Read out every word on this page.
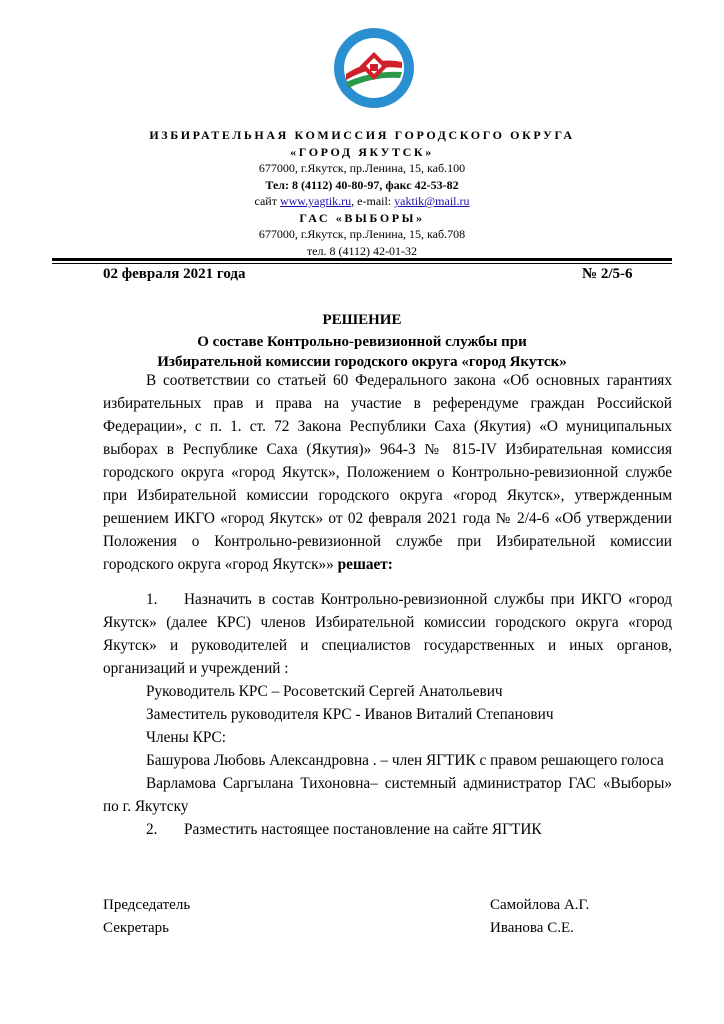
ИЗБИРАТЕЛЬНАЯ КОМИССИЯ ГОРОДСКОГО ОКРУГА
«ГОРОД ЯКУТСК»
677000, г.Якутск, пр.Ленина, 15, каб.100
Тел: 8 (4112) 40-80-97, факс 42-53-82
сайт www.yagtik.ru, e-mail: yaktik@mail.ru
ГАС «ВЫБОРЫ»
677000, г.Якутск, пр.Ленина, 15, каб.708
тел. 8 (4112) 42-01-32
02 февраля 2021 года	№ 2/5-6
РЕШЕНИЕ
О составе Контрольно-ревизионной службы при
Избирательной комиссии городского округа «город Якутск»

В соответствии со статьей 60 Федерального закона «Об основных гарантиях избирательных прав и права на участие в референдуме граждан Российской Федерации», с п. 1. ст. 72 Закона Республики Саха (Якутия) «О муниципальных выборах в Республике Саха (Якутия)» 964-З № 815-IV Избирательная комиссия городского округа «город Якутск», Положением о Контрольно-ревизионной службе при Избирательной комиссии городского округа «город Якутск», утвержденным решением ИКГО «город Якутск» от 02 февраля 2021 года № 2/4-6 «Об утверждении Положения о Контрольно-ревизионной службе при Избирательной комиссии городского округа «город Якутск»» решает:

1. Назначить в состав Контрольно-ревизионной службы при ИКГО «город Якутск» (далее КРС) членов Избирательной комиссии городского округа «город Якутск» и руководителей и специалистов государственных и иных органов, организаций и учреждений :

Руководитель КРС – Росоветский Сергей Анатольевич

Заместитель руководителя КРС - Иванов Виталий Степанович

Члены КРС:

Башурова Любовь Александровна . – член ЯГТИК с правом решающего голоса

Варламова Саргылана Тихоновна– системный администратор ГАС «Выборы» по г. Якутску

2. Разместить настоящее постановление на сайте ЯГТИК

Председатель	Самойлова А.Г.
Секретарь	Иванова С.Е.
